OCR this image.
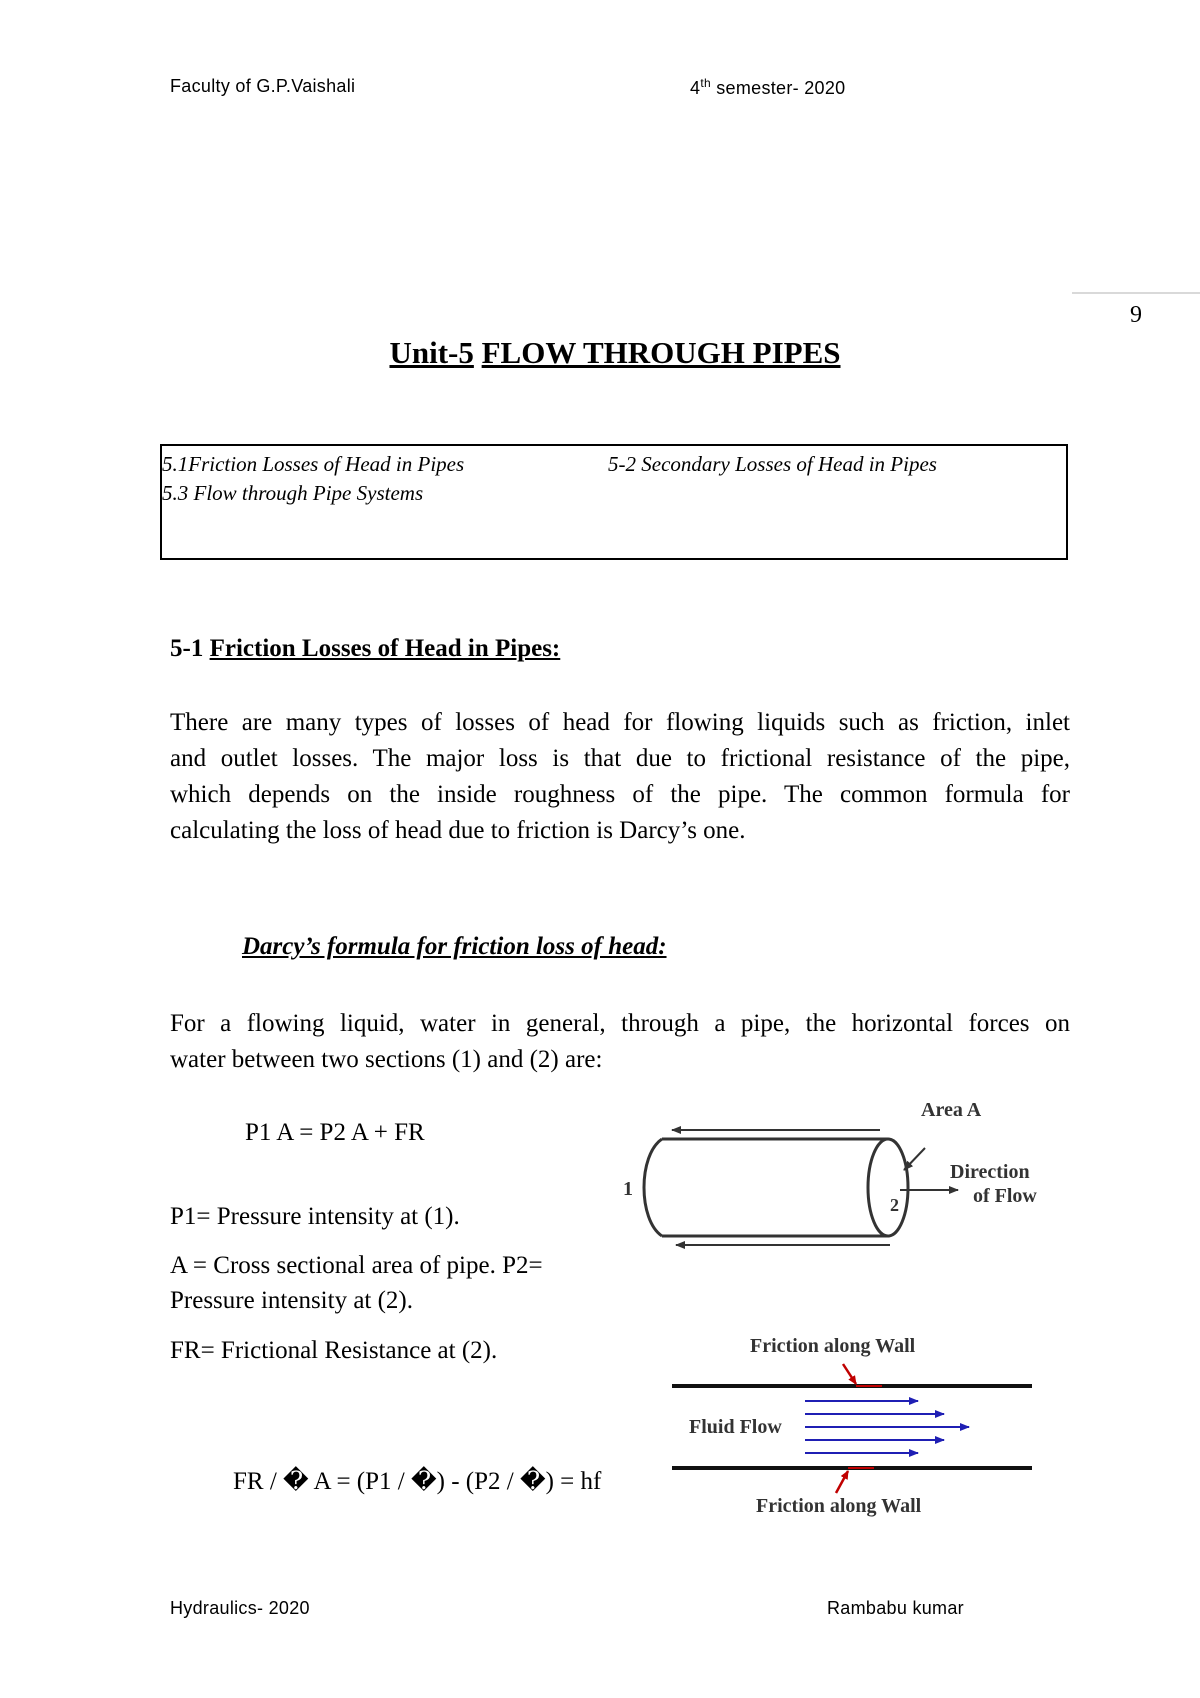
Faculty of G.P.Vaishali	4th semester- 2020
9
Unit-5 FLOW THROUGH PIPES
5.1Friction Losses of Head in Pipes	5-2 Secondary Losses of Head in Pipes
5.3 Flow through Pipe Systems
5-1 Friction Losses of Head in Pipes:
There are many types of losses of head for flowing liquids such as friction, inlet
and outlet losses. The major loss is that due to frictional resistance of the pipe,
which depends on the inside roughness of the pipe. The common formula for
calculating the loss of head due to friction is Darcy’s one.
Darcy’s formula for friction loss of head:
For a flowing liquid, water in general, through a pipe, the horizontal forces on
water between two sections (1) and (2) are:
P1 A = P2 A + FR
P1= Pressure intensity at (1).
A = Cross sectional area of pipe. P2=
Pressure intensity at (2).
FR= Frictional Resistance at (2).
FR / � A = (P1 / �) - (P2 / �) = hf
Area A
Direction
of Flow
1
2
Friction along Wall
Fluid Flow
Friction along Wall
Hydraulics- 2020	Rambabu kumar
